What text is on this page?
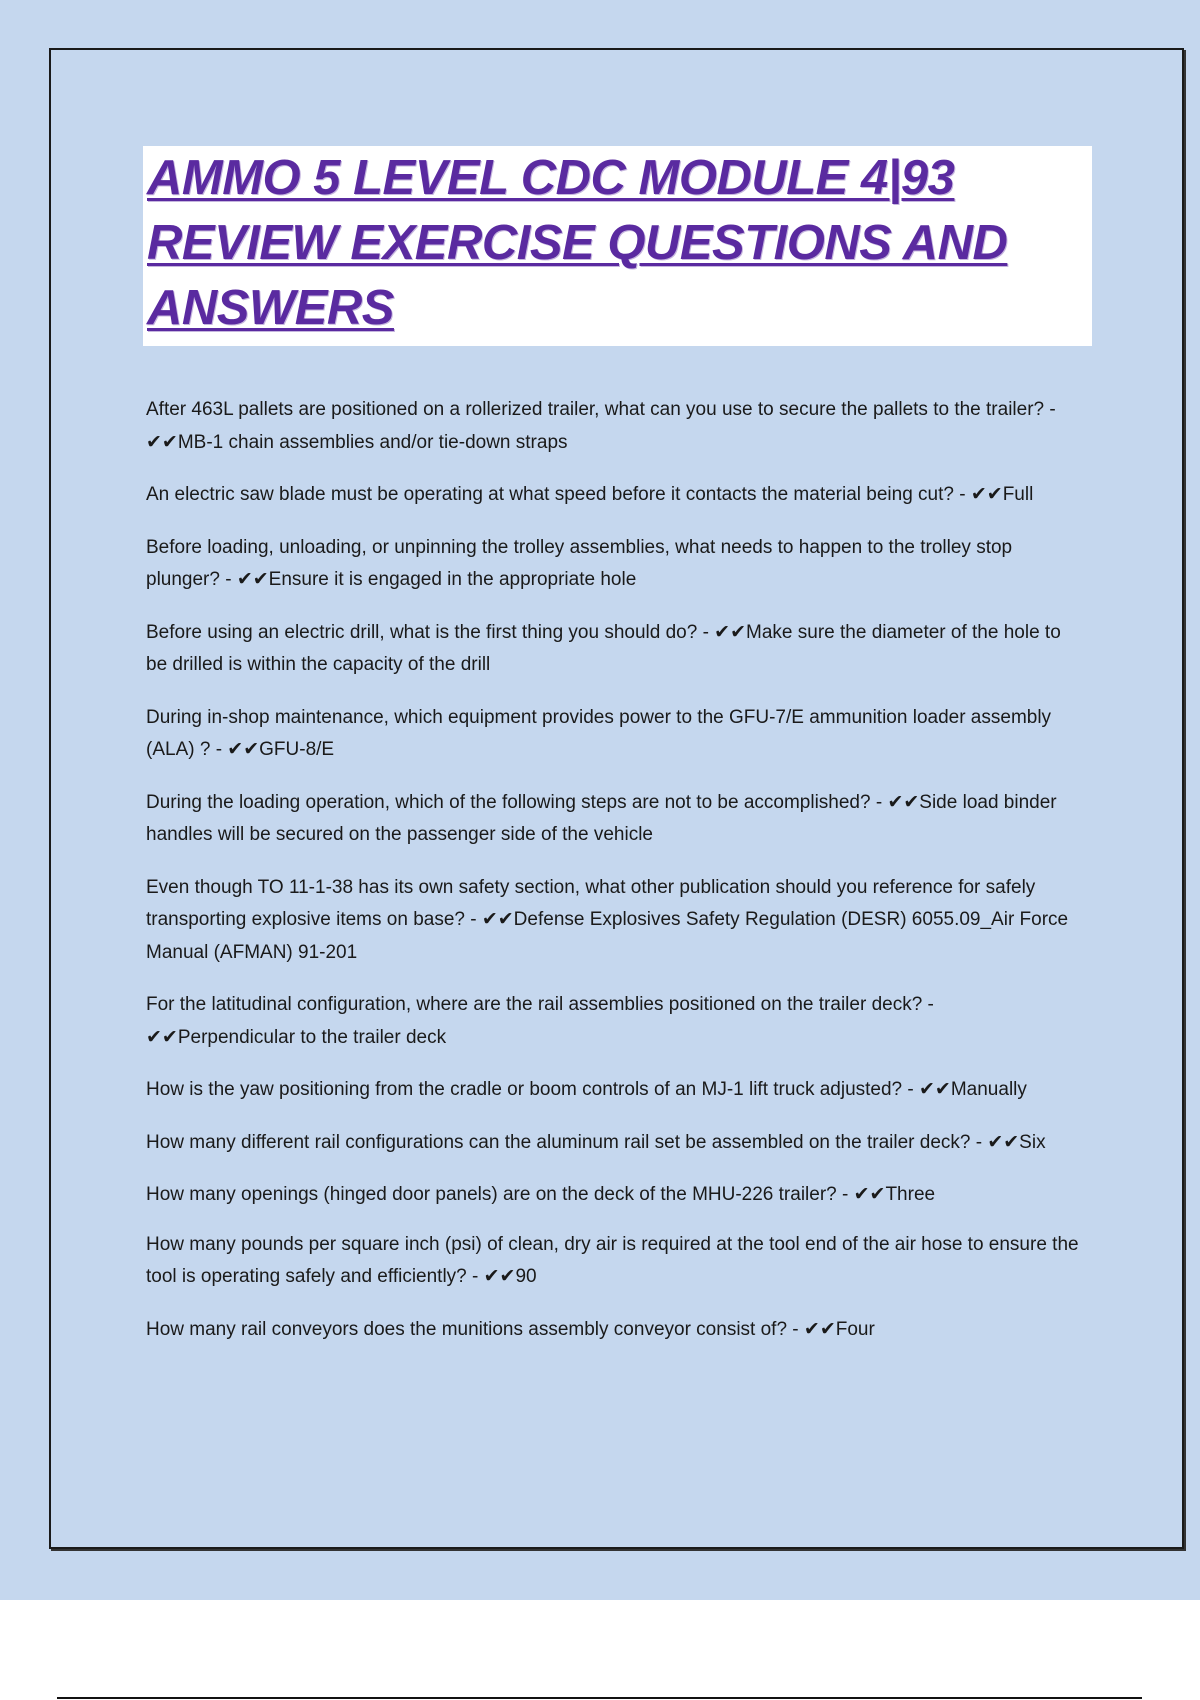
AMMO 5 LEVEL CDC MODULE 4|93 REVIEW EXERCISE QUESTIONS AND ANSWERS
After 463L pallets are positioned on a rollerized trailer, what can you use to secure the pallets to the trailer? - ✔✔MB-1 chain assemblies and/or tie-down straps
An electric saw blade must be operating at what speed before it contacts the material being cut? - ✔✔Full
Before loading, unloading, or unpinning the trolley assemblies, what needs to happen to the trolley stop plunger? - ✔✔Ensure it is engaged in the appropriate hole
Before using an electric drill, what is the first thing you should do? - ✔✔Make sure the diameter of the hole to be drilled is within the capacity of the drill
During in-shop maintenance, which equipment provides power to the GFU-7/E ammunition loader assembly (ALA) ? - ✔✔GFU-8/E
During the loading operation, which of the following steps are not to be accomplished? - ✔✔Side load binder handles will be secured on the passenger side of the vehicle
Even though TO 11-1-38 has its own safety section, what other publication should you reference for safely transporting explosive items on base? - ✔✔Defense Explosives Safety Regulation (DESR) 6055.09_Air Force Manual (AFMAN) 91-201
For the latitudinal configuration, where are the rail assemblies positioned on the trailer deck? - ✔✔Perpendicular to the trailer deck
How is the yaw positioning from the cradle or boom controls of an MJ-1 lift truck adjusted? - ✔✔Manually
How many different rail configurations can the aluminum rail set be assembled on the trailer deck? - ✔✔Six
How many openings (hinged door panels) are on the deck of the MHU-226 trailer? - ✔✔Three
How many pounds per square inch (psi) of clean, dry air is required at the tool end of the air hose to ensure the tool is operating safely and efficiently? - ✔✔90
How many rail conveyors does the munitions assembly conveyor consist of? - ✔✔Four
